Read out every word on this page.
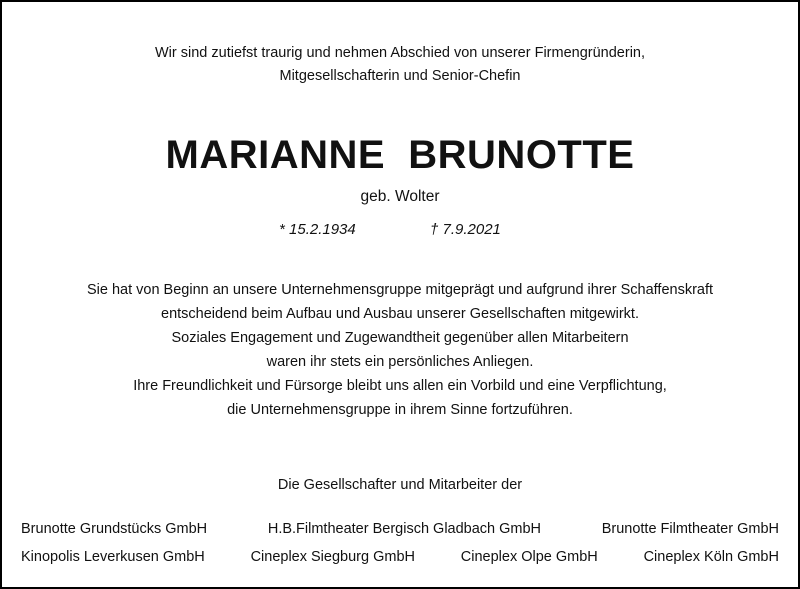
Wir sind zutiefst traurig und nehmen Abschied von unserer Firmengründerin,
Mitgesellschafterin und Senior-Chefin
MARIANNE  BRUNOTTE
geb. Wolter
* 15.2.1934	† 7.9.2021
Sie hat von Beginn an unsere Unternehmensgruppe mitgeprägt und aufgrund ihrer Schaffenskraft
entscheidend beim Aufbau und Ausbau unserer Gesellschaften mitgewirkt.
Soziales Engagement und Zugewandtheit gegenüber allen Mitarbeitern
waren ihr stets ein persönliches Anliegen.
Ihre Freundlichkeit und Fürsorge bleibt uns allen ein Vorbild und eine Verpflichtung,
die Unternehmensgruppe in ihrem Sinne fortzuführen.
Die Gesellschafter und Mitarbeiter der
Brunotte Grundstücks GmbH	H.B.Filmtheater Bergisch Gladbach GmbH	Brunotte Filmtheater GmbH
Kinopolis Leverkusen GmbH	Cineplex Siegburg GmbH	Cineplex Olpe GmbH	Cineplex Köln GmbH
